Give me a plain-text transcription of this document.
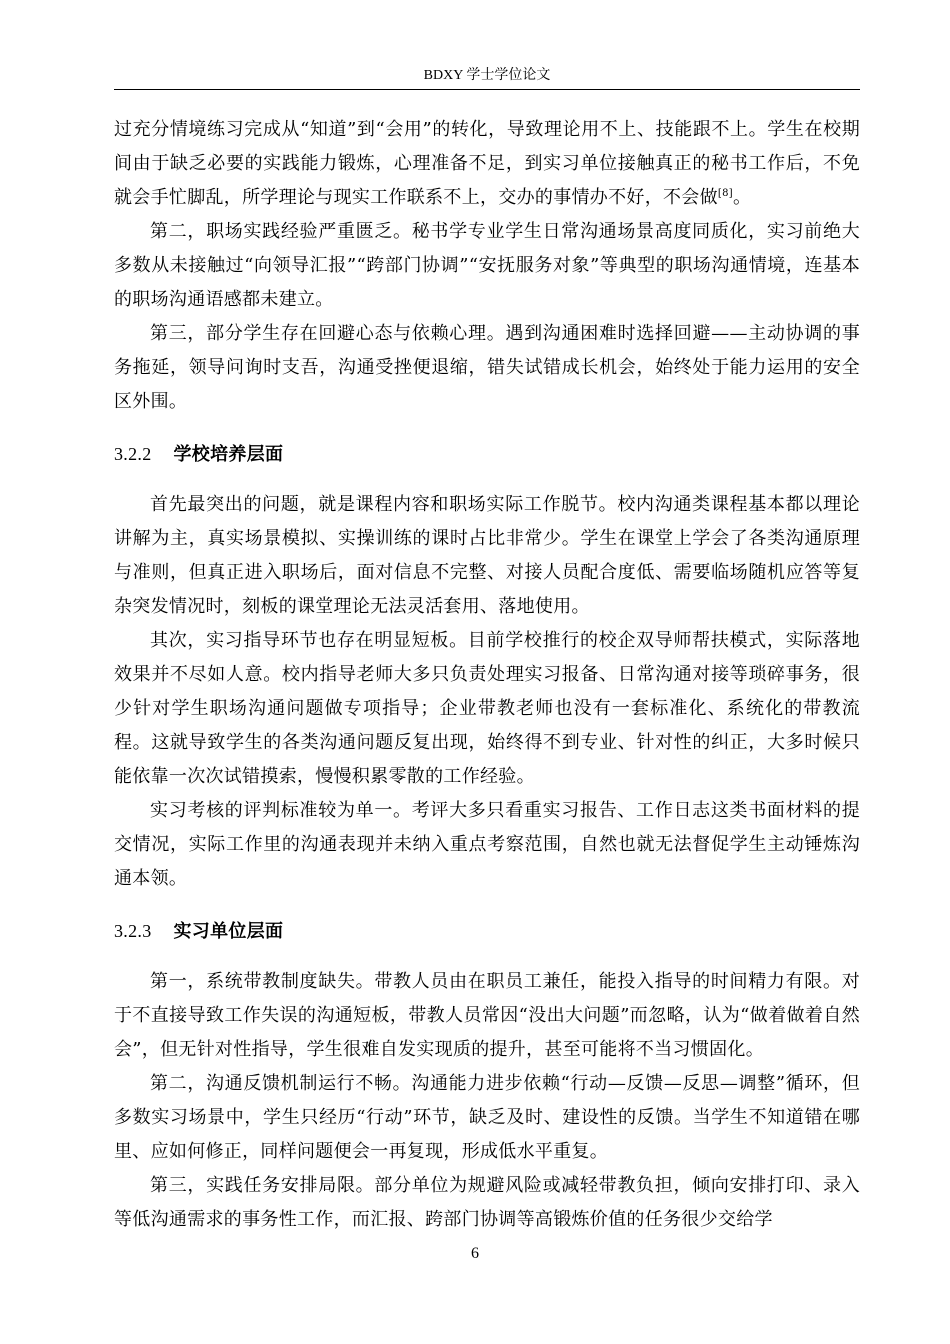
BDXY 学士学位论文

过充分情境练习完成从“知道”到“会用”的转化，导致理论用不上、技能跟不上。学生在校期间由于缺乏必要的实践能力锻炼，心理准备不足，到实习单位接触真正的秘书工作后，不免就会手忙脚乱，所学理论与现实工作联系不上，交办的事情办不好，不会做[8]。

第二，职场实践经验严重匮乏。秘书学专业学生日常沟通场景高度同质化，实习前绝大多数从未接触过“向领导汇报”“跨部门协调”“安抚服务对象”等典型的职场沟通情境，连基本的职场沟通语感都未建立。

第三，部分学生存在回避心态与依赖心理。遇到沟通困难时选择回避——主动协调的事务拖延，领导问询时支吾，沟通受挫便退缩，错失试错成长机会，始终处于能力运用的安全区外围。

3.2.2 学校培养层面

首先最突出的问题，就是课程内容和职场实际工作脱节。校内沟通类课程基本都以理论讲解为主，真实场景模拟、实操训练的课时占比非常少。学生在课堂上学会了各类沟通原理与准则，但真正进入职场后，面对信息不完整、对接人员配合度低、需要临场随机应答等复杂突发情况时，刻板的课堂理论无法灵活套用、落地使用。

其次，实习指导环节也存在明显短板。目前学校推行的校企双导师帮扶模式，实际落地效果并不尽如人意。校内指导老师大多只负责处理实习报备、日常沟通对接等琐碎事务，很少针对学生职场沟通问题做专项指导；企业带教老师也没有一套标准化、系统化的带教流程。这就导致学生的各类沟通问题反复出现，始终得不到专业、针对性的纠正，大多时候只能依靠一次次试错摸索，慢慢积累零散的工作经验。

实习考核的评判标准较为单一。考评大多只看重实习报告、工作日志这类书面材料的提交情况，实际工作里的沟通表现并未纳入重点考察范围，自然也就无法督促学生主动锤炼沟通本领。

3.2.3 实习单位层面

第一，系统带教制度缺失。带教人员由在职员工兼任，能投入指导的时间精力有限。对于不直接导致工作失误的沟通短板，带教人员常因“没出大问题”而忽略，认为“做着做着自然会”，但无针对性指导，学生很难自发实现质的提升，甚至可能将不当习惯固化。

第二，沟通反馈机制运行不畅。沟通能力进步依赖“行动—反馈—反思—调整”循环，但多数实习场景中，学生只经历“行动”环节，缺乏及时、建设性的反馈。当学生不知道错在哪里、应如何修正，同样问题便会一再复现，形成低水平重复。

第三，实践任务安排局限。部分单位为规避风险或减轻带教负担，倾向安排打印、录入等低沟通需求的事务性工作，而汇报、跨部门协调等高锻炼价值的任务很少交给学

6
